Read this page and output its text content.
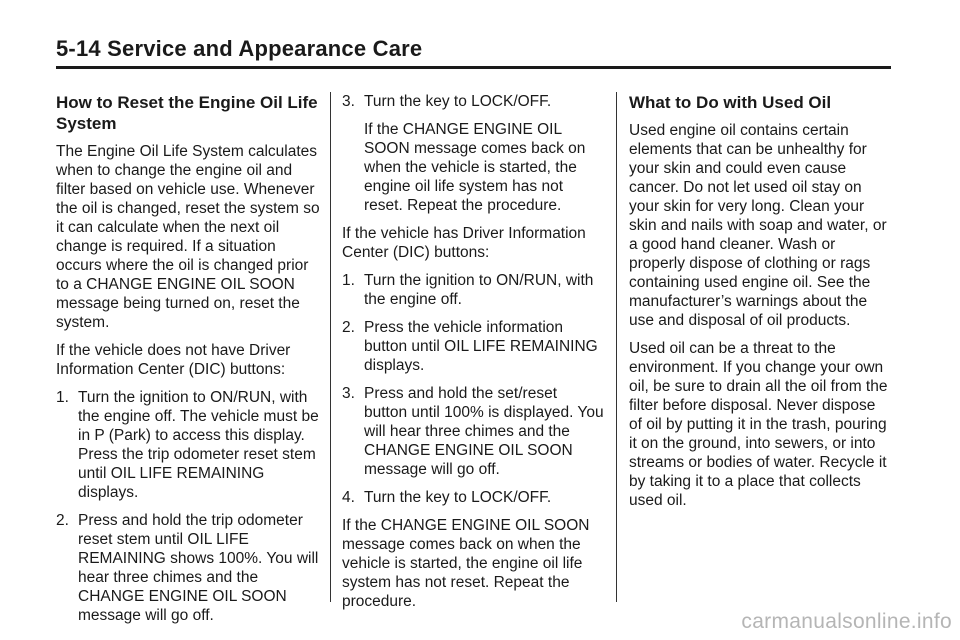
5-14 Service and Appearance Care
How to Reset the Engine Oil Life System

The Engine Oil Life System calculates when to change the engine oil and filter based on vehicle use. Whenever the oil is changed, reset the system so it can calculate when the next oil change is required. If a situation occurs where the oil is changed prior to a CHANGE ENGINE OIL SOON message being turned on, reset the system.

If the vehicle does not have Driver Information Center (DIC) buttons:

1. Turn the ignition to ON/RUN, with the engine off. The vehicle must be in P (Park) to access this display. Press the trip odometer reset stem until OIL LIFE REMAINING displays.
2. Press and hold the trip odometer reset stem until OIL LIFE REMAINING shows 100%. You will hear three chimes and the CHANGE ENGINE OIL SOON message will go off.
3. Turn the key to LOCK/OFF.

If the CHANGE ENGINE OIL SOON message comes back on when the vehicle is started, the engine oil life system has not reset. Repeat the procedure.

If the vehicle has Driver Information Center (DIC) buttons:

1. Turn the ignition to ON/RUN, with the engine off.
2. Press the vehicle information button until OIL LIFE REMAINING displays.
3. Press and hold the set/reset button until 100% is displayed. You will hear three chimes and the CHANGE ENGINE OIL SOON message will go off.
4. Turn the key to LOCK/OFF.

If the CHANGE ENGINE OIL SOON message comes back on when the vehicle is started, the engine oil life system has not reset. Repeat the procedure.

What to Do with Used Oil

Used engine oil contains certain elements that can be unhealthy for your skin and could even cause cancer. Do not let used oil stay on your skin for very long. Clean your skin and nails with soap and water, or a good hand cleaner. Wash or properly dispose of clothing or rags containing used engine oil. See the manufacturer’s warnings about the use and disposal of oil products.

Used oil can be a threat to the environment. If you change your own oil, be sure to drain all the oil from the filter before disposal. Never dispose of oil by putting it in the trash, pouring it on the ground, into sewers, or into streams or bodies of water. Recycle it by taking it to a place that collects used oil.

carmanualsonline.info
